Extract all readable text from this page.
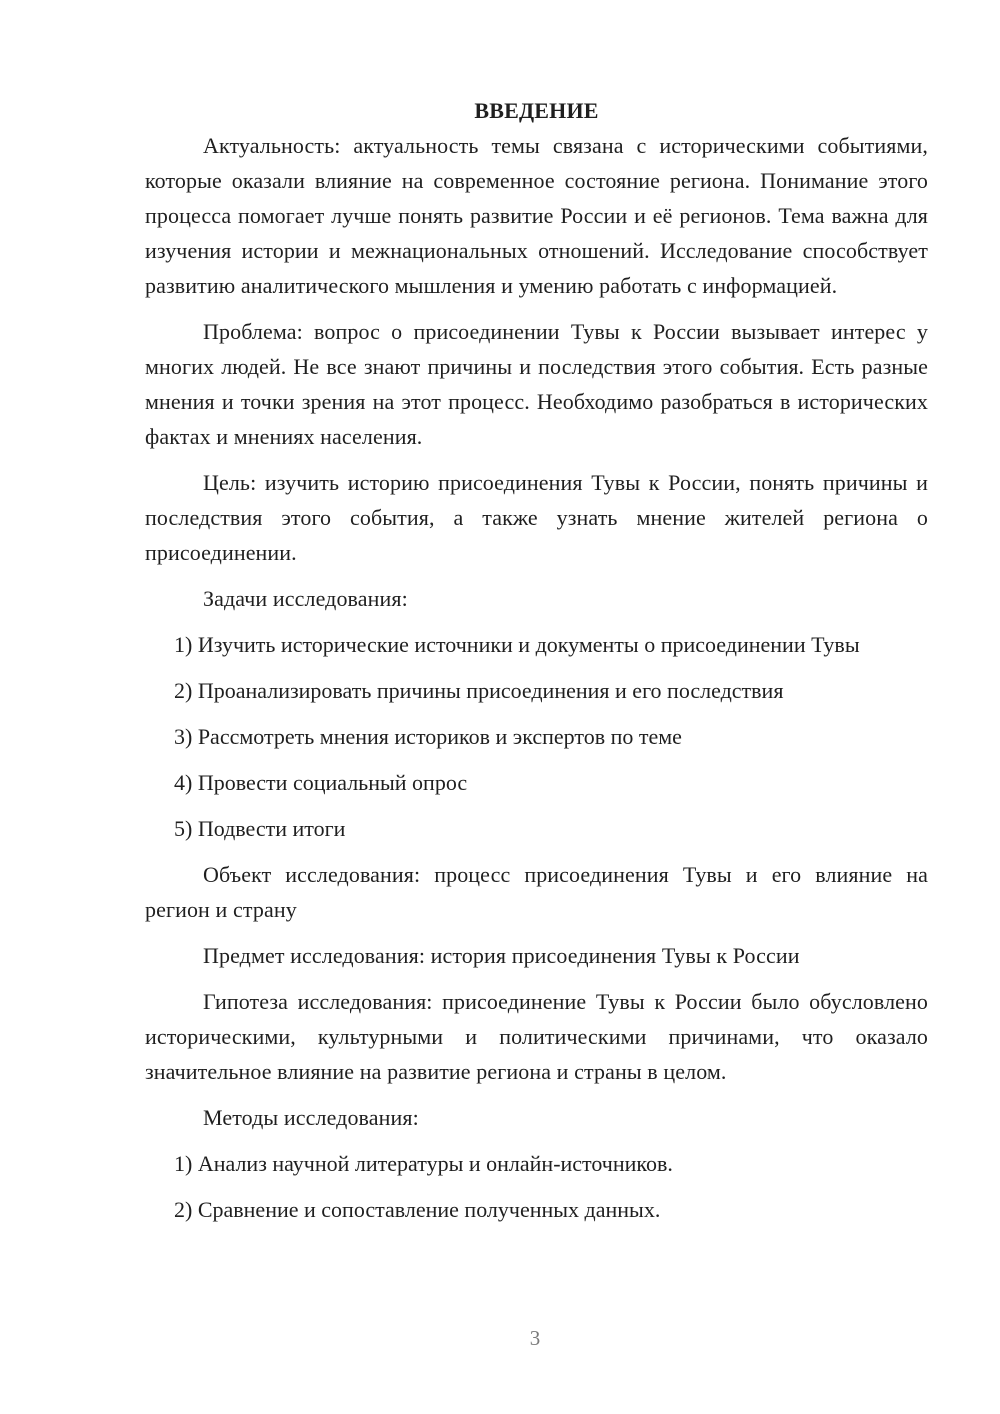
ВВЕДЕНИЕ

Актуальность: актуальность темы связана с историческими событиями, которые оказали влияние на современное состояние региона. Понимание этого процесса помогает лучше понять развитие России и её регионов. Тема важна для изучения истории и межнациональных отношений. Исследование способствует развитию аналитического мышления и умению работать с информацией.

Проблема: вопрос о присоединении Тувы к России вызывает интерес у многих людей. Не все знают причины и последствия этого события. Есть разные мнения и точки зрения на этот процесс. Необходимо разобраться в исторических фактах и мнениях населения.

Цель: изучить историю присоединения Тувы к России, понять причины и последствия этого события, а также узнать мнение жителей региона о присоединении.

Задачи исследования:

1) Изучить исторические источники и документы о присоединении Тувы

2) Проанализировать причины присоединения и его последствия

3) Рассмотреть мнения историков и экспертов по теме

4) Провести социальный опрос

5) Подвести итоги

Объект исследования: процесс присоединения Тувы и его влияние на регион и страну

Предмет исследования: история присоединения Тувы к России

Гипотеза исследования: присоединение Тувы к России было обусловлено историческими, культурными и политическими причинами, что оказало значительное влияние на развитие региона и страны в целом.

Методы исследования:

1) Анализ научной литературы и онлайн-источников.

2) Сравнение и сопоставление полученных данных.

3
